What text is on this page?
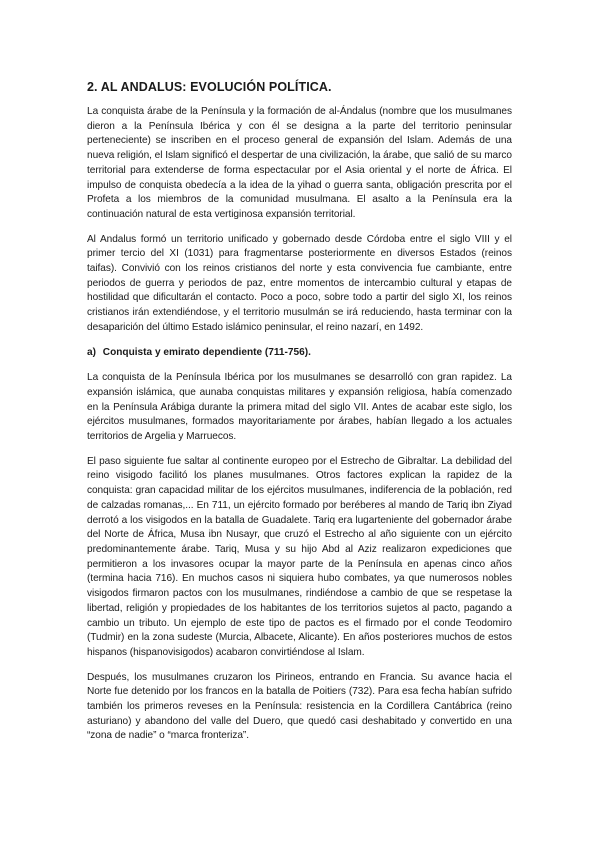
2. AL ANDALUS: EVOLUCIÓN POLÍTICA.

La conquista árabe de la Península y la formación de al-Ándalus (nombre que los musulmanes dieron a la Península Ibérica y con él se designa a la parte del territorio peninsular perteneciente) se inscriben en el proceso general de expansión del Islam. Además de una nueva religión, el Islam significó el despertar de una civilización, la árabe, que salió de su marco territorial para extenderse de forma espectacular por el Asia oriental y el norte de África. El impulso de conquista obedecía a la idea de la yihad o guerra santa, obligación prescrita por el Profeta a los miembros de la comunidad musulmana. El asalto a la Península era la continuación natural de esta vertiginosa expansión territorial.

Al Andalus formó un territorio unificado y gobernado desde Córdoba entre el siglo VIII y el primer tercio del XI (1031) para fragmentarse posteriormente en diversos Estados (reinos taifas). Convivió con los reinos cristianos del norte y esta convivencia fue cambiante, entre periodos de guerra y periodos de paz, entre momentos de intercambio cultural y etapas de hostilidad que dificultarán el contacto. Poco a poco, sobre todo a partir del siglo XI, los reinos cristianos irán extendiéndose, y el territorio musulmán se irá reduciendo, hasta terminar con la desaparición del último Estado islámico peninsular, el reino nazarí, en 1492.

a) Conquista y emirato dependiente (711-756).

La conquista de la Península Ibérica por los musulmanes se desarrolló con gran rapidez. La expansión islámica, que aunaba conquistas militares y expansión religiosa, había comenzado en la Península Arábiga durante la primera mitad del siglo VII. Antes de acabar este siglo, los ejércitos musulmanes, formados mayoritariamente por árabes, habían llegado a los actuales territorios de Argelia y Marruecos.

El paso siguiente fue saltar al continente europeo por el Estrecho de Gibraltar. La debilidad del reino visigodo facilitó los planes musulmanes. Otros factores explican la rapidez de la conquista: gran capacidad militar de los ejércitos musulmanes, indiferencia de la población, red de calzadas romanas,... En 711, un ejército formado por beréberes al mando de Tariq ibn Ziyad derrotó a los visigodos en la batalla de Guadalete. Tariq era lugarteniente del gobernador árabe del Norte de África, Musa ibn Nusayr, que cruzó el Estrecho al año siguiente con un ejército predominantemente árabe. Tariq, Musa y su hijo Abd al Aziz realizaron expediciones que permitieron a los invasores ocupar la mayor parte de la Península en apenas cinco años (termina hacia 716). En muchos casos ni siquiera hubo combates, ya que numerosos nobles visigodos firmaron pactos con los musulmanes, rindiéndose a cambio de que se respetase la libertad, religión y propiedades de los habitantes de los territorios sujetos al pacto, pagando a cambio un tributo. Un ejemplo de este tipo de pactos es el firmado por el conde Teodomiro (Tudmir) en la zona sudeste (Murcia, Albacete, Alicante). En años posteriores muchos de estos hispanos (hispanovisigodos) acabaron convirtiéndose al Islam.

Después, los musulmanes cruzaron los Pirineos, entrando en Francia. Su avance hacia el Norte fue detenido por los francos en la batalla de Poitiers (732). Para esa fecha habían sufrido también los primeros reveses en la Península: resistencia en la Cordillera Cantábrica (reino asturiano) y abandono del valle del Duero, que quedó casi deshabitado y convertido en una “zona de nadie” o “marca fronteriza”.
